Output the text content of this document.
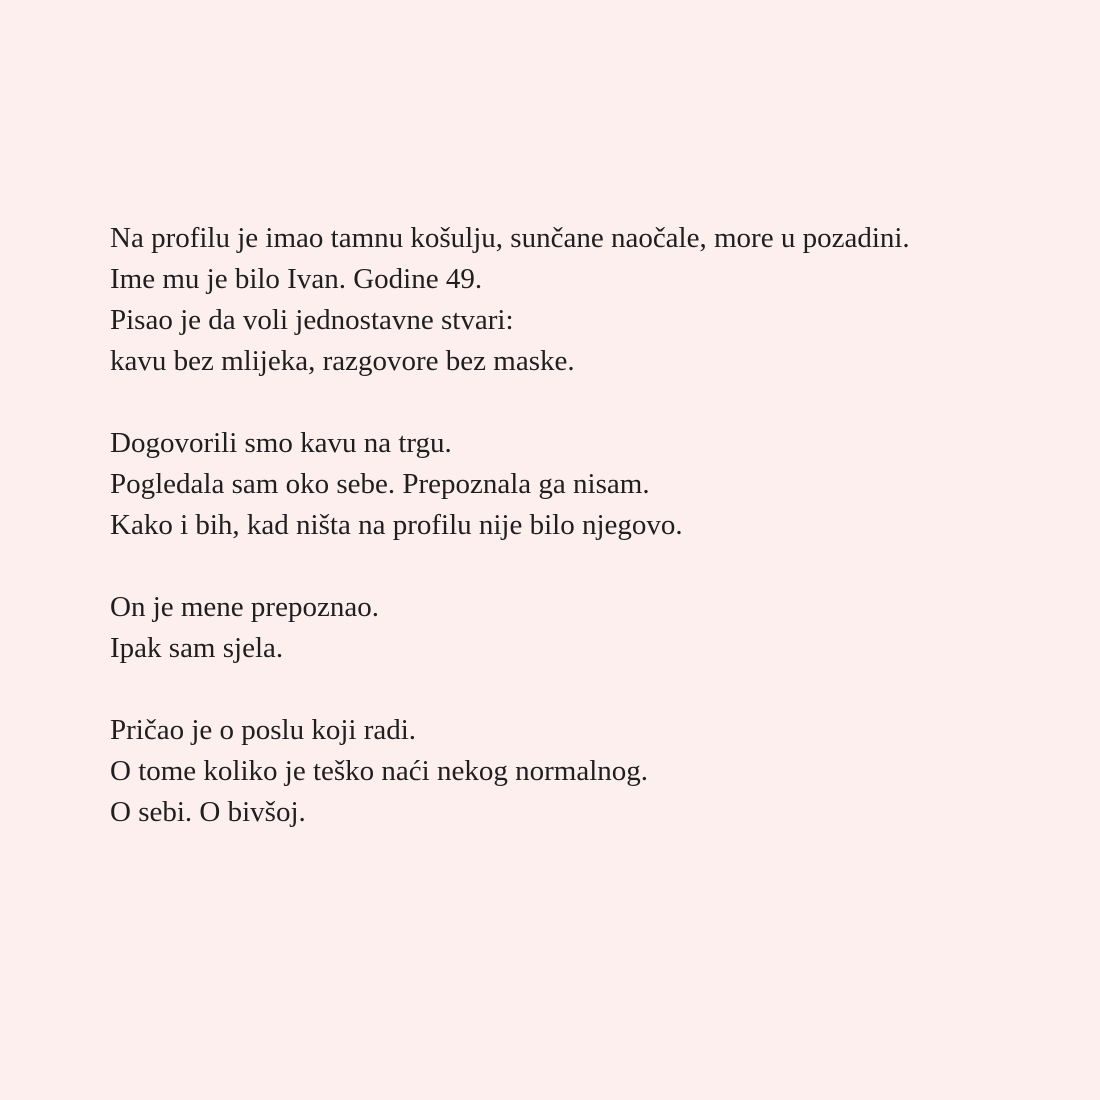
Na profilu je imao tamnu košulju, sunčane naočale, more u pozadini.
Ime mu je bilo Ivan. Godine 49.
Pisao je da voli jednostavne stvari:
kavu bez mlijeka, razgovore bez maske.
Dogovorili smo kavu na trgu.
Pogledala sam oko sebe. Prepoznala ga nisam.
Kako i bih, kad ništa na profilu nije bilo njegovo.
On je mene prepoznao.
Ipak sam sjela.
Pričao je o poslu koji radi.
O tome koliko je teško naći nekog normalnog.
O sebi. O bivšoj.
